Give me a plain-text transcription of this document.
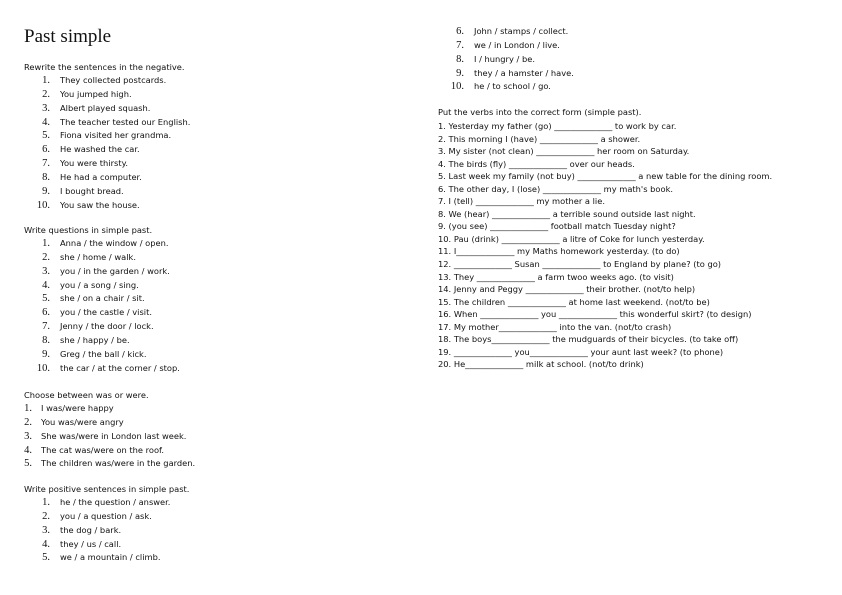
Past simple
Rewrite the sentences in the negative.
1. They collected postcards.
2. You jumped high.
3. Albert played squash.
4. The teacher tested our English.
5. Fiona visited her grandma.
6. He washed the car.
7. You were thirsty.
8. He had a computer.
9. I bought bread.
10. You saw the house.
Write questions in simple past.
1. Anna / the window / open.
2. she / home / walk.
3. you / in the garden / work.
4. you / a song / sing.
5. she / on a chair / sit.
6. you / the castle / visit.
7. Jenny / the door / lock.
8. she / happy / be.
9. Greg / the ball / kick.
10. the car / at the corner / stop.
Choose between was or were.
1. I was/were happy
2. You was/were angry
3. She was/were in London last week.
4. The cat was/were on the roof.
5. The children was/were in the garden.
Write positive sentences in simple past.
1. he / the question / answer.
2. you / a question / ask.
3. the dog / bark.
4. they / us / call.
5. we / a mountain / climb.
6. John / stamps / collect.
7. we / in London / live.
8. I / hungry / be.
9. they / a hamster / have.
10. he / to school / go.
Put the verbs into the correct form (simple past).
1. Yesterday my father (go) ______________ to work by car.
2. This morning I (have) ______________ a shower.
3. My sister (not clean) ______________ her room on Saturday.
4. The birds (fly) ______________ over our heads.
5. Last week my family (not buy) ______________ a new table for the dining room.
6. The other day, I (lose) ______________ my math's book.
7. I (tell) ______________ my mother a lie.
8. We (hear) ______________ a terrible sound outside last night.
9. (you see) ______________ football match Tuesday night?
10. Pau (drink) ______________ a litre of Coke for lunch yesterday.
11. I______________ my Maths homework yesterday. (to do)
12. ______________ Susan ______________ to England by plane? (to go)
13. They ______________ a farm twoo weeks ago. (to visit)
14. Jenny and Peggy ______________ their brother. (not/to help)
15. The children ______________ at home last weekend. (not/to be)
16. When ______________ you ______________ this wonderful skirt? (to design)
17. My mother______________ into the van. (not/to crash)
18. The boys______________ the mudguards of their bicycles. (to take off)
19. ______________ you______________ your aunt last week? (to phone)
20. He______________ milk at school. (not/to drink)
